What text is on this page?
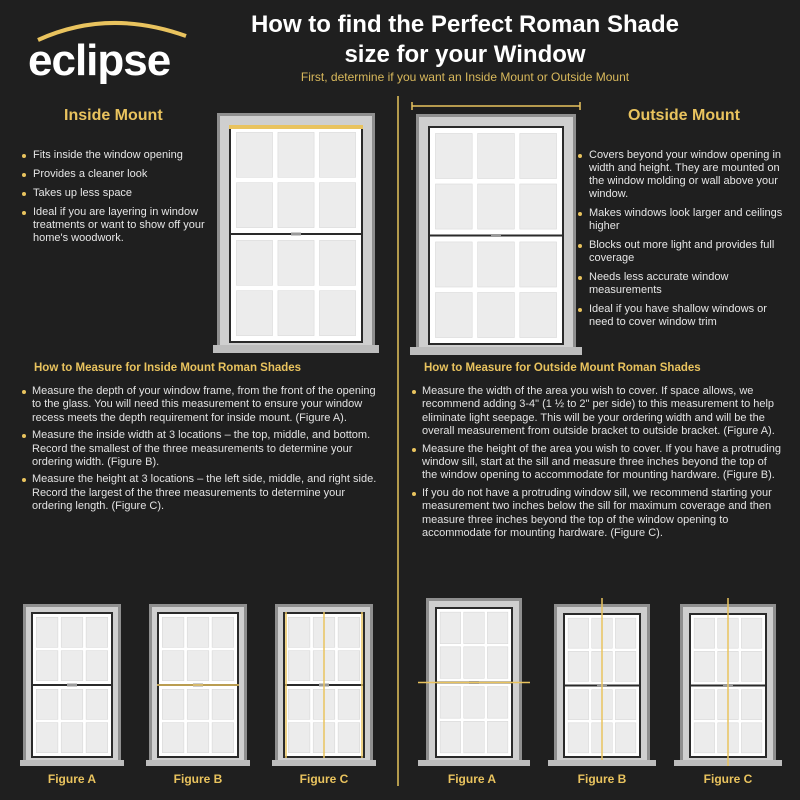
eclipse
How to find the Perfect Roman Shade
size for your Window
First, determine if you want an Inside Mount or Outside Mount
Inside Mount
Fits inside the window opening
Provides a cleaner look
Takes up less space
Ideal if you are layering in window treatments or want to show off your home's woodwork.
Outside Mount
Covers beyond your window opening in width and height. They are mounted on the window molding or wall above your window.
Makes windows look larger and ceilings higher
Blocks out more light and provides full coverage
Needs less accurate window measurements
Ideal if you have shallow windows or need to cover window trim
How to Measure for Inside Mount Roman Shades
Measure the depth of your window frame, from the front of the opening to the glass. You will need this measurement to ensure your window recess meets the depth requirement for inside mount. (Figure A).
Measure the inside width at 3 locations – the top, middle, and bottom. Record the smallest of the three measurements to determine your ordering width. (Figure B).
Measure the height at 3 locations – the left side, middle, and right side. Record the largest of the three measurements to determine your ordering length. (Figure C).
How to Measure for Outside Mount Roman Shades
Measure the width of the area you wish to cover. If space allows, we recommend adding 3-4" (1 ½ to 2" per side) to this measurement to help eliminate light seepage. This will be your ordering width and will be the overall measurement from outside bracket to outside bracket. (Figure A).
Measure the height of the area you wish to cover. If you have a protruding window sill, start at the sill and measure three inches beyond the top of the window opening to accommodate for mounting hardware. (Figure B).
If you do not have a protruding window sill, we recommend starting your measurement two inches below the sill for maximum coverage and then measure three inches beyond the top of the window opening to accommodate for mounting hardware. (Figure C).
Figure A	Figure B	Figure C	Figure A	Figure B	Figure C
